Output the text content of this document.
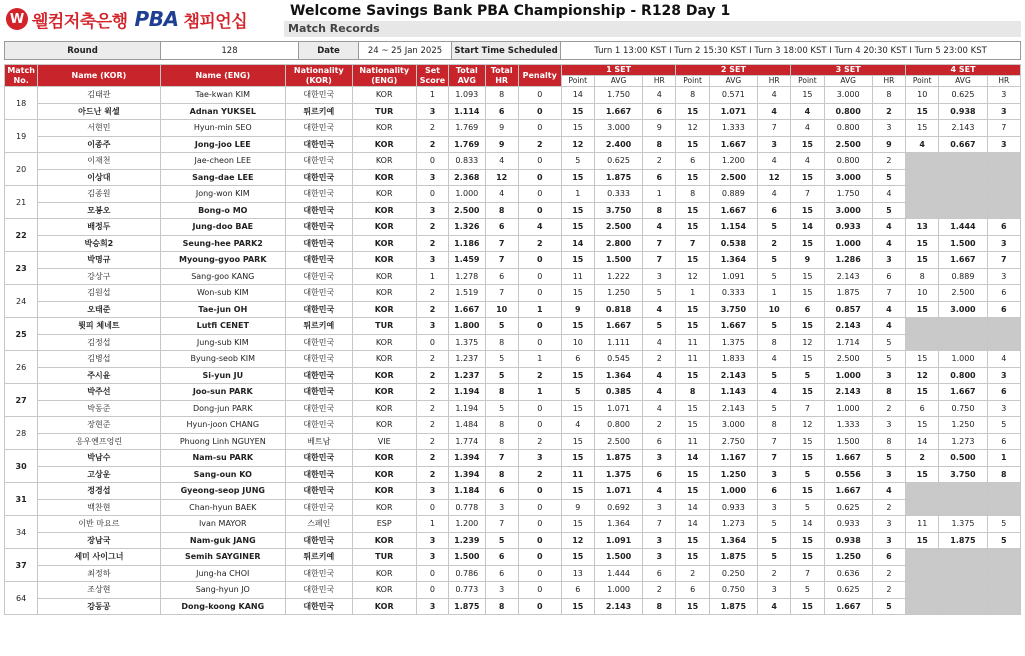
W 웰컴저축은행 PBA 챔피언십
Welcome Savings Bank PBA Championship - R128 Day 1
Match Records
Round	128	Date	24 ~ 25 Jan 2025	Start Time Scheduled	Turn 1 13:00 KST I Turn 2 15:30 KST I Turn 3 18:00 KST I Turn 4 20:30 KST I Turn 5 23:00 KST
Match No.	Name (KOR)	Name (ENG)	Nationality (KOR)	Nationality (ENG)	Set Score	Total AVG	Total HR	Penalty	1 SET			2 SET			3 SET			4 SET		
									Point	AVG	HR	Point	AVG	HR	Point	AVG	HR	Point	AVG	HR
18	김태관	Tae-kwan KIM	대한민국	KOR	1	1.093	8	0	14	1.750	4	8	0.571	4	15	3.000	8	10	0.625	3
	아드난 윅셀	Adnan YUKSEL	튀르키예	TUR	3	1.114	6	0	15	1.667	6	15	1.071	4	4	0.800	2	15	0.938	3
19	서현민	Hyun-min SEO	대한민국	KOR	2	1.769	9	0	15	3.000	9	12	1.333	7	4	0.800	3	15	2.143	7
	이종주	Jong-joo LEE	대한민국	KOR	2	1.769	9	2	12	2.400	8	15	1.667	3	15	2.500	9	4	0.667	3
20	이재천	Jae-cheon LEE	대한민국	KOR	0	0.833	4	0	5	0.625	2	6	1.200	4	4	0.800	2			
	이상대	Sang-dae LEE	대한민국	KOR	3	2.368	12	0	15	1.875	6	15	2.500	12	15	3.000	5			
21	김종원	Jong-won KIM	대한민국	KOR	0	1.000	4	0	1	0.333	1	8	0.889	4	7	1.750	4			
	모봉오	Bong-o MO	대한민국	KOR	3	2.500	8	0	15	3.750	8	15	1.667	6	15	3.000	5			
22	배정두	Jung-doo BAE	대한민국	KOR	2	1.326	6	4	15	2.500	4	15	1.154	5	14	0.933	4	13	1.444	6
	박승희2	Seung-hee PARK2	대한민국	KOR	2	1.186	7	2	14	2.800	7	7	0.538	2	15	1.000	4	15	1.500	3
23	박명규	Myoung-gyoo PARK	대한민국	KOR	3	1.459	7	0	15	1.500	7	15	1.364	5	9	1.286	3	15	1.667	7
	강상구	Sang-goo KANG	대한민국	KOR	1	1.278	6	0	11	1.222	3	12	1.091	5	15	2.143	6	8	0.889	3
24	김원섭	Won-sub KIM	대한민국	KOR	2	1.519	7	0	15	1.250	5	1	0.333	1	15	1.875	7	10	2.500	6
	오태준	Tae-jun OH	대한민국	KOR	2	1.667	10	1	9	0.818	4	15	3.750	10	6	0.857	4	15	3.000	6
25	륏피 체네트	Lutfi CENET	튀르키예	TUR	3	1.800	5	0	15	1.667	5	15	1.667	5	15	2.143	4			
	김정섭	Jung-sub KIM	대한민국	KOR	0	1.375	8	0	10	1.111	4	11	1.375	8	12	1.714	5			
26	김병섭	Byung-seob KIM	대한민국	KOR	2	1.237	5	1	6	0.545	2	11	1.833	4	15	2.500	5	15	1.000	4
	주시윤	Si-yun JU	대한민국	KOR	2	1.237	5	2	15	1.364	4	15	2.143	5	5	1.000	3	12	0.800	3
27	박주선	Joo-sun PARK	대한민국	KOR	2	1.194	8	1	5	0.385	4	8	1.143	4	15	2.143	8	15	1.667	6
	박동준	Dong-jun PARK	대한민국	KOR	2	1.194	5	0	15	1.071	4	15	2.143	5	7	1.000	2	6	0.750	3
28	장현준	Hyun-joon CHANG	대한민국	KOR	2	1.484	8	0	4	0.800	2	15	3.000	8	12	1.333	3	15	1.250	5
	응우옌프엉린	Phuong Linh NGUYEN	베트남	VIE	2	1.774	8	2	15	2.500	6	11	2.750	7	15	1.500	8	14	1.273	6
30	박남수	Nam-su PARK	대한민국	KOR	2	1.394	7	3	15	1.875	3	14	1.167	7	15	1.667	5	2	0.500	1
	고상운	Sang-oun KO	대한민국	KOR	2	1.394	8	2	11	1.375	6	15	1.250	3	5	0.556	3	15	3.750	8
31	정경섭	Gyeong-seop JUNG	대한민국	KOR	3	1.184	6	0	15	1.071	4	15	1.000	6	15	1.667	4			
	백찬현	Chan-hyun BAEK	대한민국	KOR	0	0.778	3	0	9	0.692	3	14	0.933	3	5	0.625	2			
34	이반 마요르	Ivan MAYOR	스페인	ESP	1	1.200	7	0	15	1.364	7	14	1.273	5	14	0.933	3	11	1.375	5
	장남국	Nam-guk JANG	대한민국	KOR	3	1.239	5	0	12	1.091	3	15	1.364	5	15	0.938	3	15	1.875	5
37	세미 사이그너	Semih SAYGINER	튀르키예	TUR	3	1.500	6	0	15	1.500	3	15	1.875	5	15	1.250	6			
	최정하	Jung-ha CHOI	대한민국	KOR	0	0.786	6	0	13	1.444	6	2	0.250	2	7	0.636	2			
64	조상현	Sang-hyun JO	대한민국	KOR	0	0.773	3	0	6	1.000	2	6	0.750	3	5	0.625	2			
	강동공	Dong-koong KANG	대한민국	KOR	3	1.875	8	0	15	2.143	8	15	1.875	4	15	1.667	5			
